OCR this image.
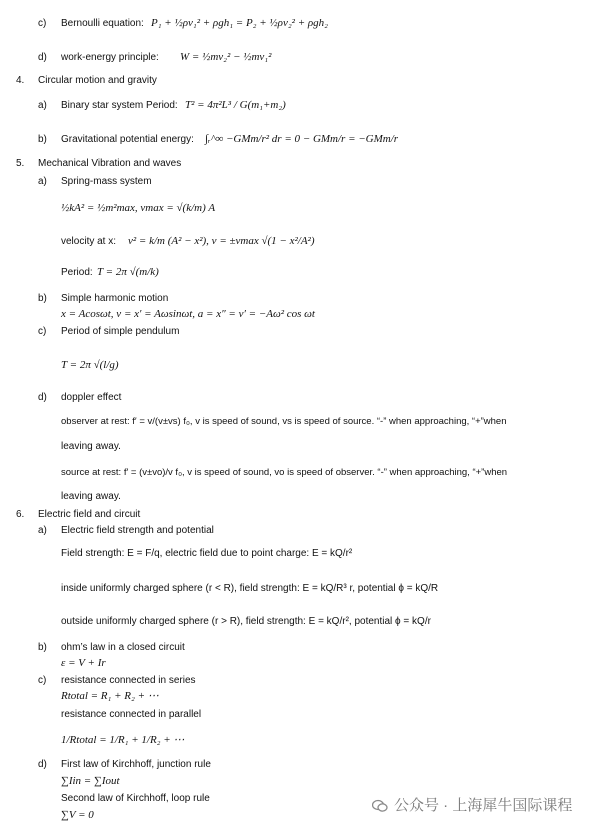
c) Bernoulli equation: P₁ + ½ρv₁² + ρgh₁ = P₂ + ½ρv₂² + ρgh₂
d) work-energy principle: W = ½mv₂² − ½mv₁²
4. Circular motion and gravity
a) Binary star system Period: T² = 4π²L³ / G(m₁+m₂)
b) Gravitational potential energy: ∫ᵣ^∞ −GMm/r² dr = 0 − GMm/r = −GMm/r
5. Mechanical Vibration and waves
a) Spring-mass system
½kA² = ½m²max, vmax = √(k/m) A
velocity at x: v² = k/m (A² − x²), v = ±vmax √(1 − x²/A²)
Period: T = 2π √(m/k)
b) Simple harmonic motion
x = Acosωt, v = x′ = Aωsinωt, a = x″ = v′ = −Aω² cos ωt
c) Period of simple pendulum
T = 2π √(l/g)
d) doppler effect
observer at rest: f′ = v/(v±vs) f₀, v is speed of sound, vs is speed of source. “-” when approaching, “+”when
leaving away.
source at rest: f′ = (v±vo)/v f₀, v is speed of sound, vo is speed of observer. “-” when approaching, “+”when
leaving away.
6. Electric field and circuit
a) Electric field strength and potential
Field strength: E = F/q, electric field due to point charge: E = kQ/r²
inside uniformly charged sphere (r < R), field strength: E = kQ/R³ r, potential ϕ = kQ/R
outside uniformly charged sphere (r > R), field strength: E = kQ/r², potential ϕ = kQ/r
b) ohm’s law in a closed circuit
ε = V + Ir
c) resistance connected in series
Rtotal = R₁ + R₂ + ⋯
resistance connected in parallel
1/Rtotal = 1/R₁ + 1/R₂ + ⋯
d) First law of Kirchhoff, junction rule
∑Iin = ∑Iout
Second law of Kirchhoff, loop rule
∑V = 0
公众号 · 上海犀牛国际课程
